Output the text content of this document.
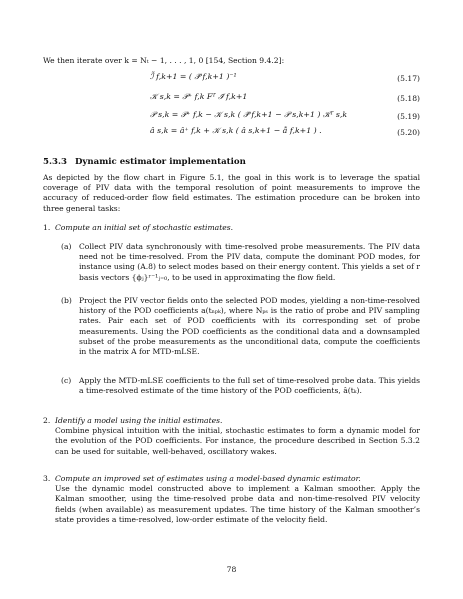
We then iterate over k = Nₜ − 1, . . . , 1, 0 [154, Section 9.4.2]:
ℐ̃ f,k+1 = ( 𝒫̃ f,k+1 )⁻¹	(5.17)
𝒦 s,k = 𝒫⁺ f,k Fᵀ ℐ̃ f,k+1	(5.18)
𝒫 s,k = 𝒫⁺ f,k − 𝒦 s,k ( 𝒫̃ f,k+1 − 𝒫 s,k+1 ) 𝒦ᵀ s,k	(5.19)
â s,k = â⁺ f,k + 𝒦 s,k ( â s,k+1 − ẫ f,k+1 ) .	(5.20)
5.3.3 Dynamic estimator implementation
As depicted by the flow chart in Figure 5.1, the goal in this work is to leverage the spatial coverage of PIV data with the temporal resolution of point measurements to improve the accuracy of reduced-order flow field estimates. The estimation procedure can be broken into three general tasks:
1. Compute an initial set of stochastic estimates.
(a) Collect PIV data synchronously with time-resolved probe measurements. The PIV data need not be time-resolved. From the PIV data, compute the dominant POD modes, for instance using (A.8) to select modes based on their energy content. This yields a set of r basis vectors {ϕⱼ}ʳ⁻¹ⱼ₌₀, to be used in approximating the flow field.
(b) Project the PIV vector fields onto the selected POD modes, yielding a non-time-resolved history of the POD coefficients a(tₙₚₖ), where Nₚₛ is the ratio of probe and PIV sampling rates. Pair each set of POD coefficients with its corresponding set of probe measurements. Using the POD coefficients as the conditional data and a downsampled subset of the probe measurements as the unconditional data, compute the coefficients in the matrix A for MTD-mLSE.
(c) Apply the MTD-mLSE coefficients to the full set of time-resolved probe data. This yields a time-resolved estimate of the time history of the POD coefficients, â(tₖ).
2. Identify a model using the initial estimates.
Combine physical intuition with the initial, stochastic estimates to form a dynamic model for the evolution of the POD coefficients. For instance, the procedure described in Section 5.3.2 can be used for suitable, well-behaved, oscillatory wakes.
3. Compute an improved set of estimates using a model-based dynamic estimator.
Use the dynamic model constructed above to implement a Kalman smoother. Apply the Kalman smoother, using the time-resolved probe data and non-time-resolved PIV velocity fields (when available) as measurement updates. The time history of the Kalman smoother’s state provides a time-resolved, low-order estimate of the velocity field.
78
